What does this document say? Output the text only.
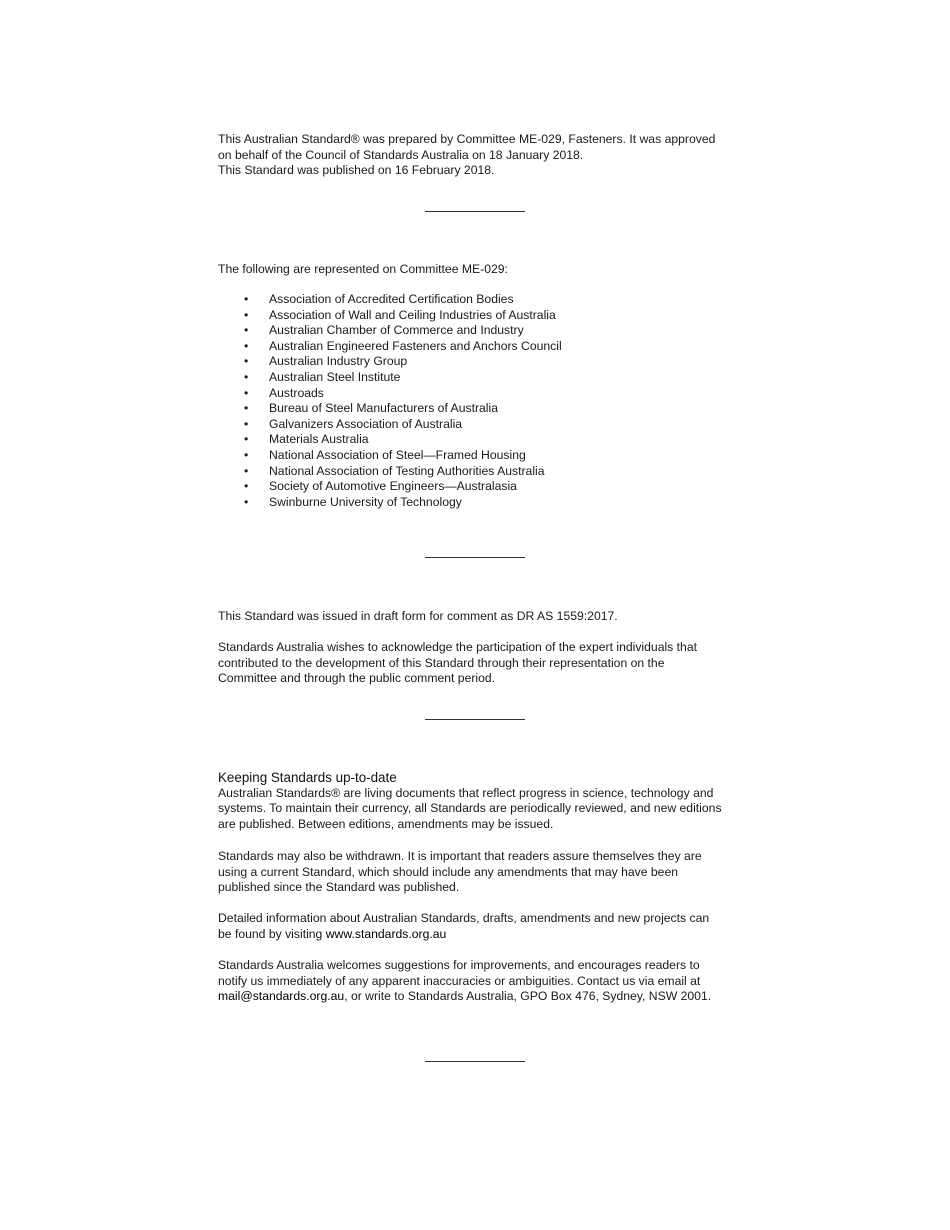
This Australian Standard® was prepared by Committee ME-029, Fasteners. It was approved

on behalf of the Council of Standards Australia on 18 January 2018.

This Standard was published on 16 February 2018.

The following are represented on Committee ME-029:

• Association of Accredited Certification Bodies
• Association of Wall and Ceiling Industries of Australia
• Australian Chamber of Commerce and Industry
• Australian Engineered Fasteners and Anchors Council
• Australian Industry Group
• Australian Steel Institute
• Austroads
• Bureau of Steel Manufacturers of Australia
• Galvanizers Association of Australia
• Materials Australia
• National Association of Steel—Framed Housing
• National Association of Testing Authorities Australia
• Society of Automotive Engineers—Australasia
• Swinburne University of Technology

This Standard was issued in draft form for comment as DR AS 1559:2017.

Standards Australia wishes to acknowledge the participation of the expert individuals that

contributed to the development of this Standard through their representation on the

Committee and through the public comment period.

Keeping Standards up-to-date

Australian Standards® are living documents that reflect progress in science, technology and

systems. To maintain their currency, all Standards are periodically reviewed, and new editions

are published. Between editions, amendments may be issued.

Standards may also be withdrawn. It is important that readers assure themselves they are

using a current Standard, which should include any amendments that may have been

published since the Standard was published.

Detailed information about Australian Standards, drafts, amendments and new projects can

be found by visiting www.standards.org.au

Standards Australia welcomes suggestions for improvements, and encourages readers to

notify us immediately of any apparent inaccuracies or ambiguities. Contact us via email at

mail@standards.org.au, or write to Standards Australia, GPO Box 476, Sydney, NSW 2001.
